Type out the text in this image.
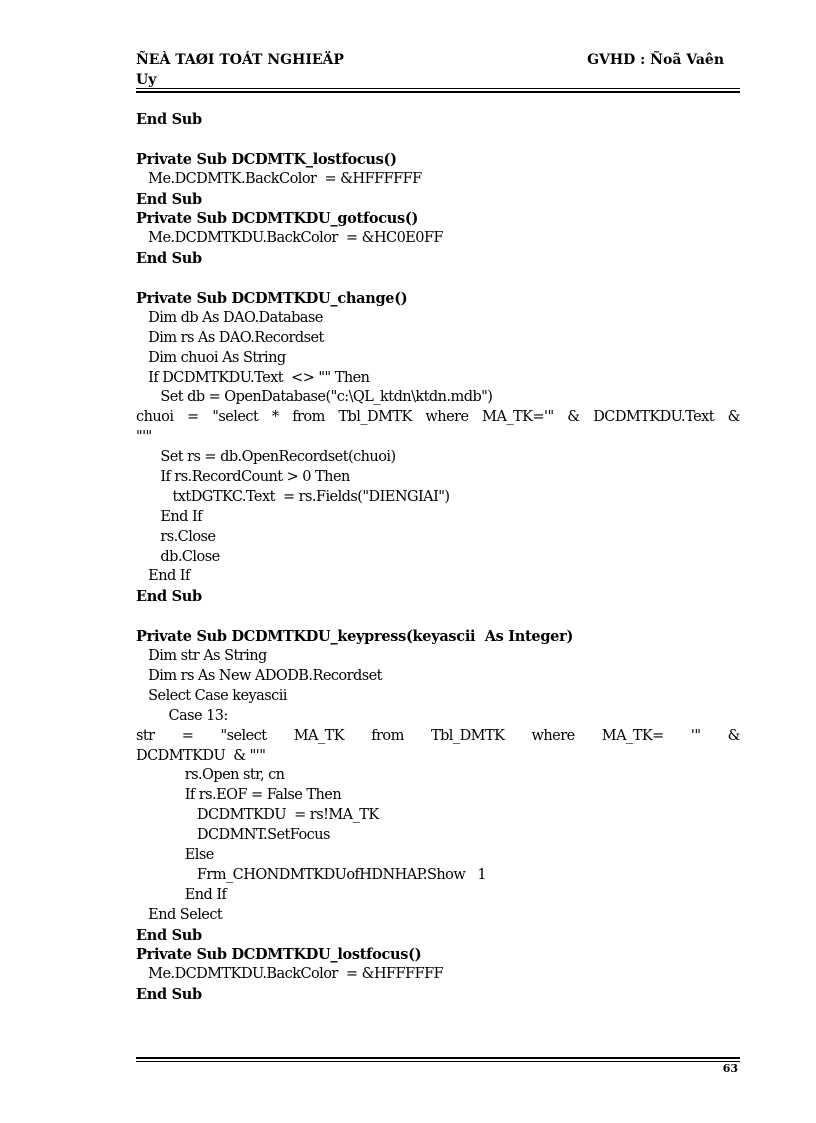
ÑEÀ TAØI TOÁT NGHIEÄP
Uy
GVHD : Ñoã Vaên
End Sub
Private Sub DCDMTK_lostfocus()
Me.DCDMTK.BackColor  = &HFFFFFF
End Sub
Private Sub DCDMTKDU_gotfocus()
Me.DCDMTKDU.BackColor  = &HC0E0FF
End Sub
Private Sub DCDMTKDU_change()
Dim db As DAO.Database
Dim rs As DAO.Recordset
Dim chuoi As String
If DCDMTKDU.Text  <> "" Then
Set db = OpenDatabase("c:\QL_ktdn\ktdn.mdb")
chuoi = "select * from Tbl_DMTK where MA_TK='" & DCDMTKDU.Text &
"'"
Set rs = db.OpenRecordset(chuoi)
If rs.RecordCount > 0 Then
txtDGTKC.Text  = rs.Fields("DIENGIAI")
End If
rs.Close
db.Close
End If
End Sub
Private Sub DCDMTKDU_keypress(keyascii  As Integer)
Dim str As String
Dim rs As New ADODB.Recordset
Select Case keyascii
Case 13:
str = "select MA_TK from Tbl_DMTK where MA_TK= '" &
DCDMTKDU  & "'"
rs.Open str, cn
If rs.EOF = False Then
DCDMTKDU  = rs!MA_TK
DCDMNT.SetFocus
Else
Frm_CHONDMTKDUofHDNHAP.Show   1
End If
End Select
End Sub
Private Sub DCDMTKDU_lostfocus()
Me.DCDMTKDU.BackColor  = &HFFFFFF
End Sub
63
